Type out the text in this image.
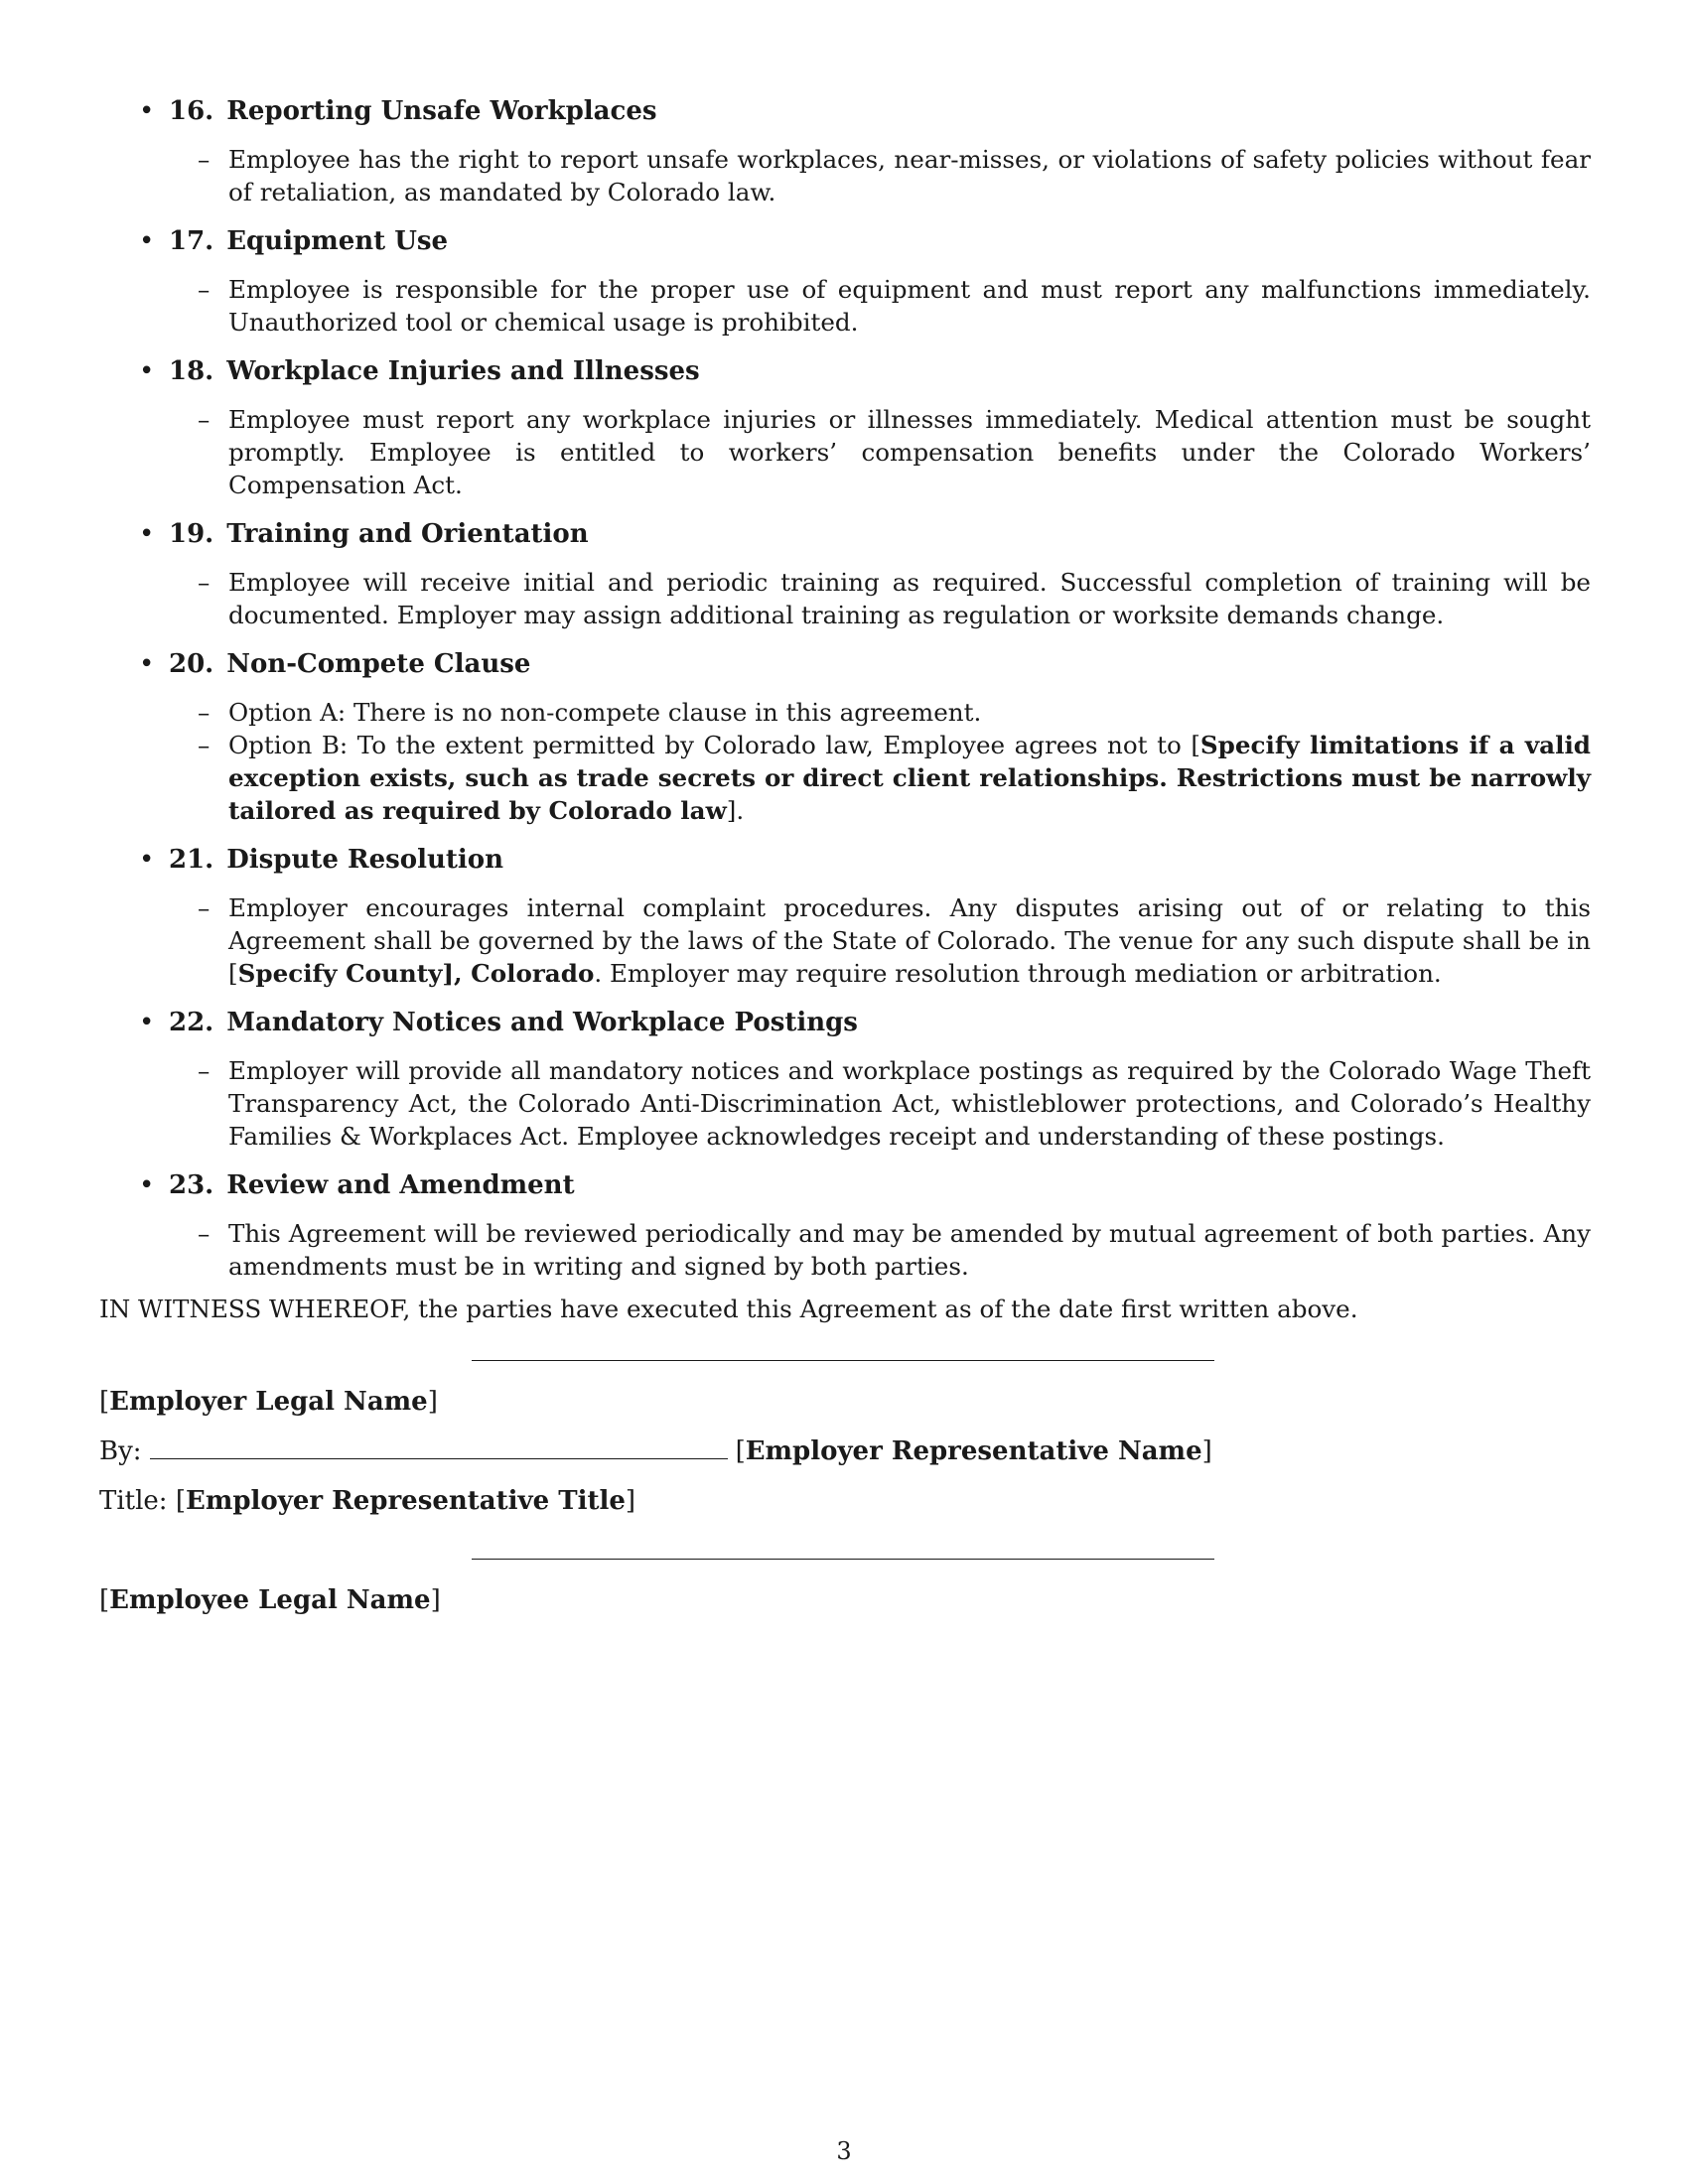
• 16. Reporting Unsafe Workplaces
– Employee has the right to report unsafe workplaces, near-misses, or violations of safety policies without fear of retaliation, as mandated by Colorado law.
• 17. Equipment Use
– Employee is responsible for the proper use of equipment and must report any malfunctions immediately. Unauthorized tool or chemical usage is prohibited.
• 18. Workplace Injuries and Illnesses
– Employee must report any workplace injuries or illnesses immediately. Medical attention must be sought promptly. Employee is entitled to workers’ compensation benefits under the Colorado Workers’ Compensation Act.
• 19. Training and Orientation
– Employee will receive initial and periodic training as required. Successful completion of training will be documented. Employer may assign additional training as regulation or worksite demands change.
• 20. Non-Compete Clause
– Option A: There is no non-compete clause in this agreement.
– Option B: To the extent permitted by Colorado law, Employee agrees not to [Specify limitations if a valid exception exists, such as trade secrets or direct client relationships. Restrictions must be narrowly tailored as required by Colorado law].
• 21. Dispute Resolution
– Employer encourages internal complaint procedures. Any disputes arising out of or relating to this Agreement shall be governed by the laws of the State of Colorado. The venue for any such dispute shall be in [Specify County], Colorado. Employer may require resolution through mediation or arbitration.
• 22. Mandatory Notices and Workplace Postings
– Employer will provide all mandatory notices and workplace postings as required by the Colorado Wage Theft Transparency Act, the Colorado Anti-Discrimination Act, whistleblower protections, and Colorado’s Healthy Families & Workplaces Act. Employee acknowledges receipt and understanding of these postings.
• 23. Review and Amendment
– This Agreement will be reviewed periodically and may be amended by mutual agreement of both parties. Any amendments must be in writing and signed by both parties.
IN WITNESS WHEREOF, the parties have executed this Agreement as of the date first written above.
[Employer Legal Name]
By:	[Employer Representative Name]
Title: [Employer Representative Title]
[Employee Legal Name]
3
